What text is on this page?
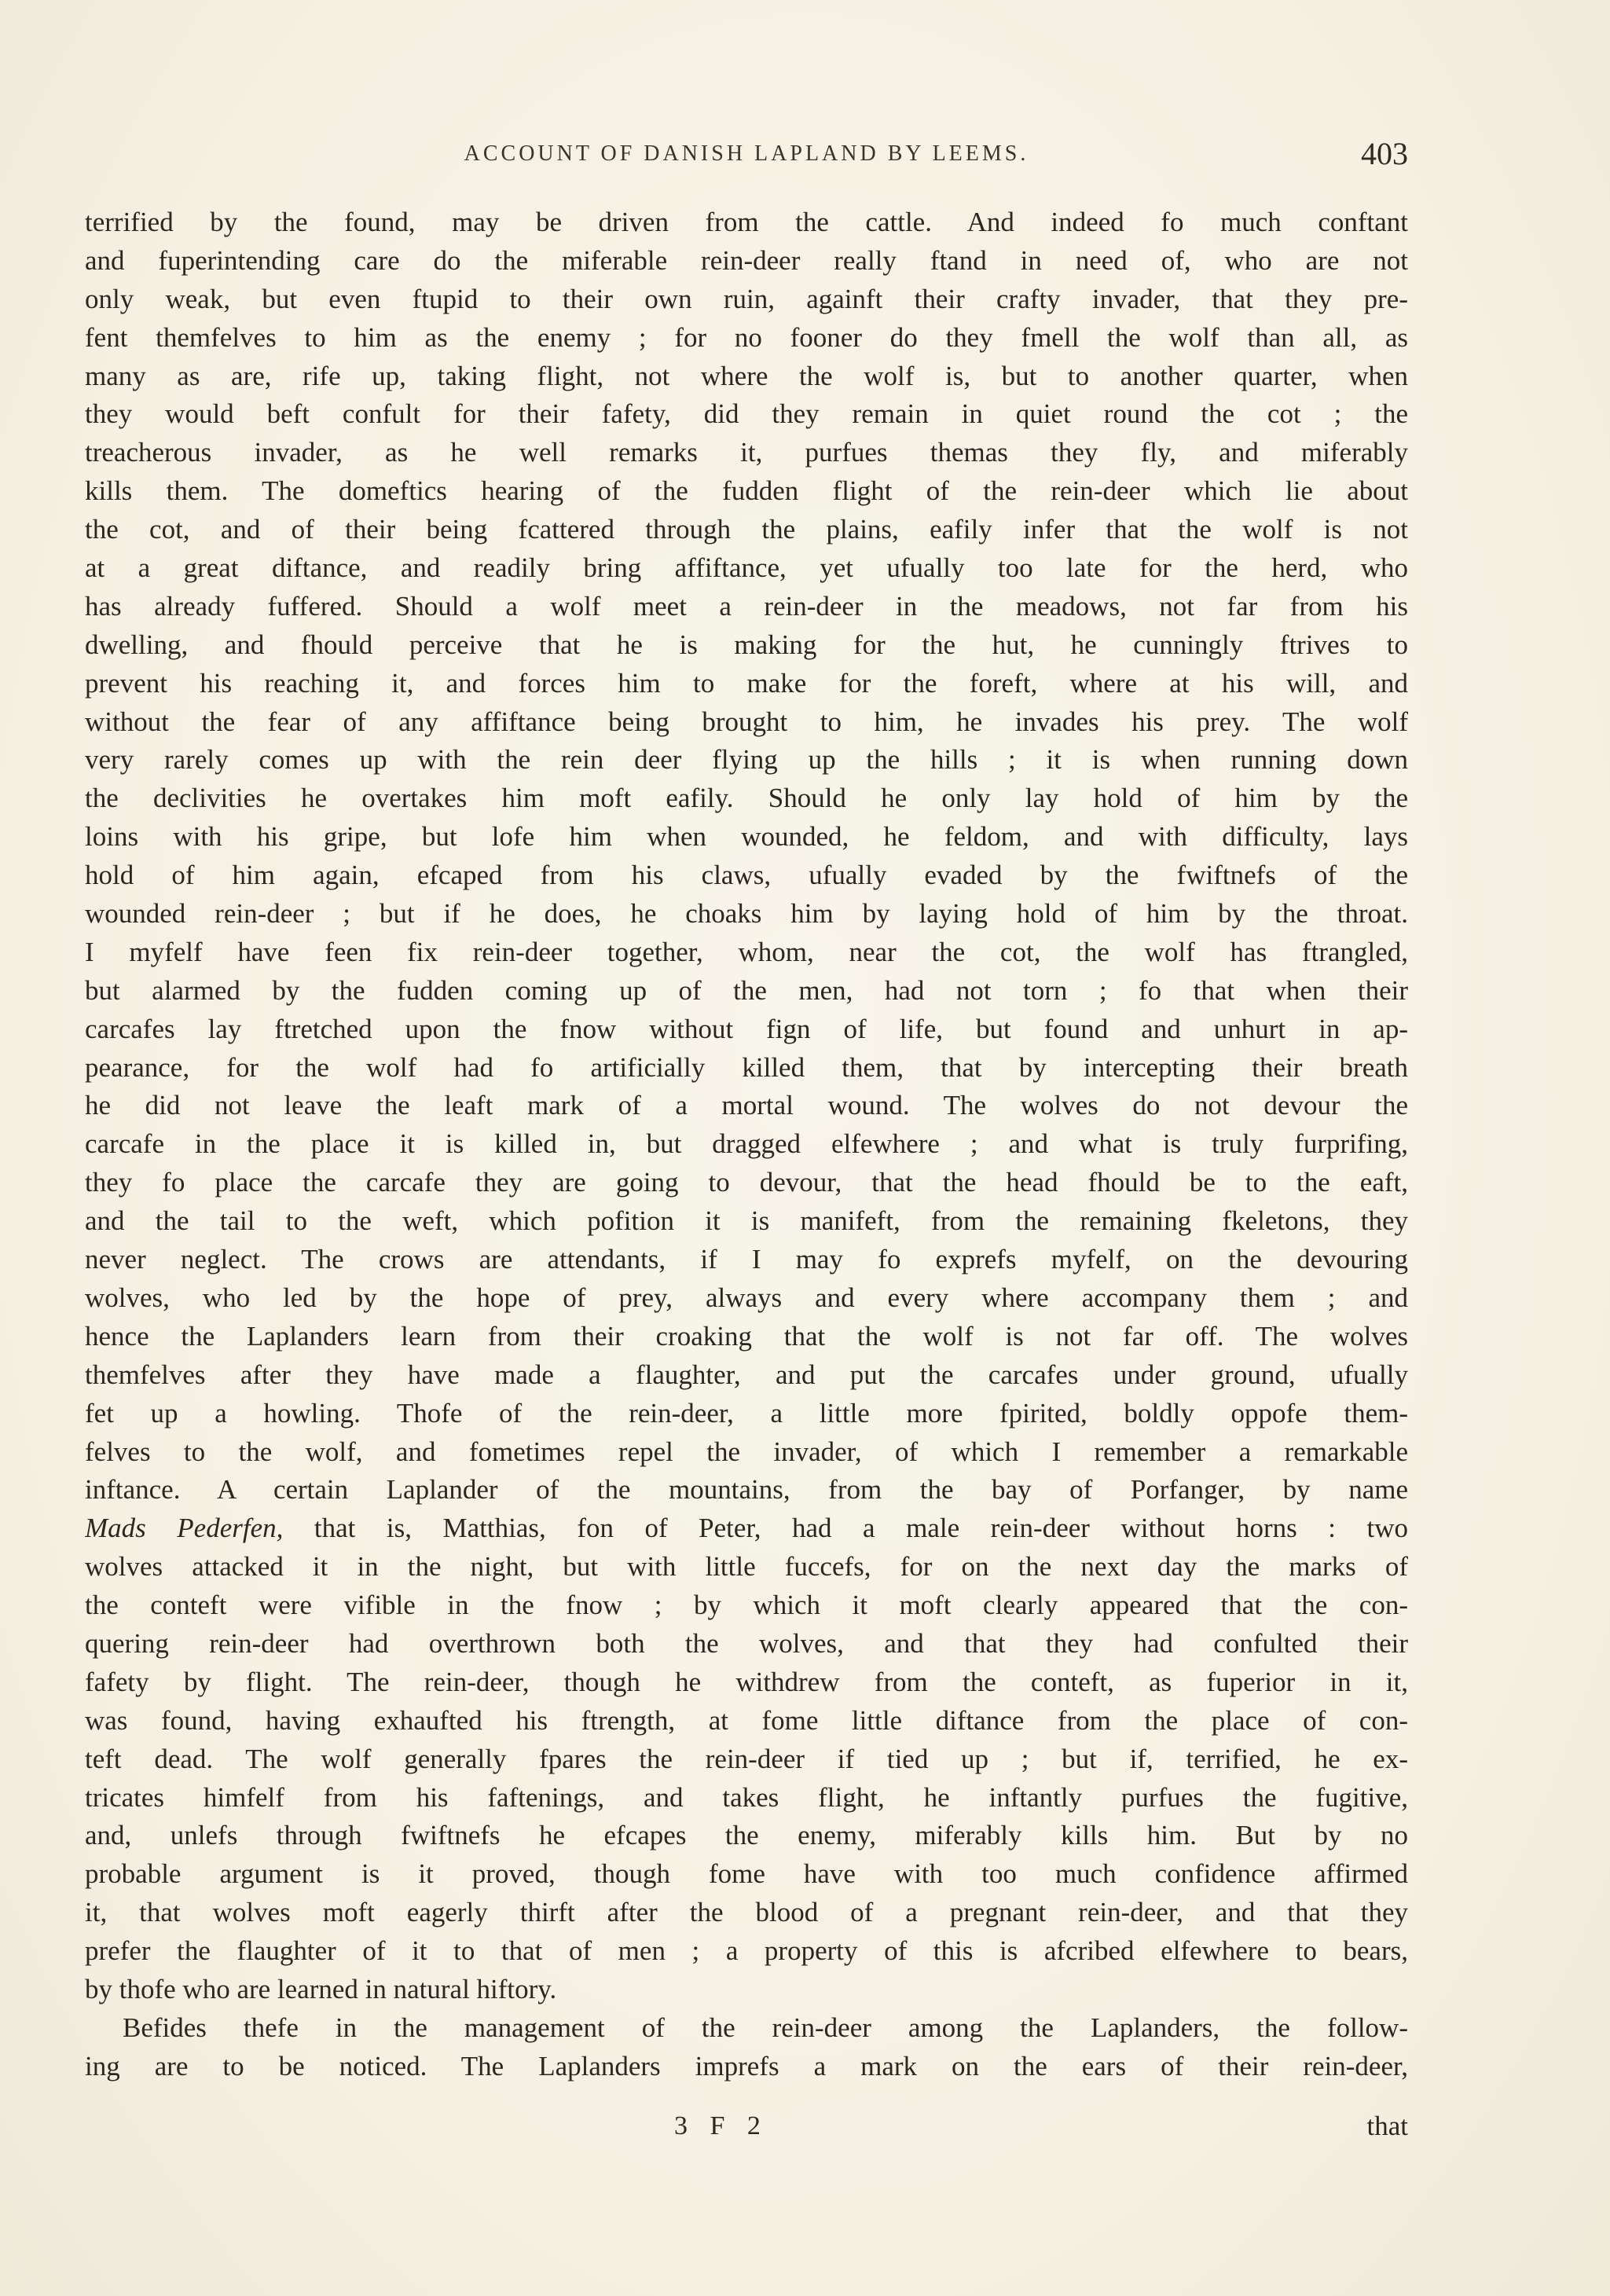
ACCOUNT OF DANISH LAPLAND BY LEEMS.	403
terrified by the found, may be driven from the cattle. And indeed fo much conftant
and fuperintending care do the miferable rein-deer really ftand in need of, who are not
only weak, but even ftupid to their own ruin, againft their crafty invader, that they pre-
fent themfelves to him as the enemy ; for no fooner do they fmell the wolf than all, as
many as are, rife up, taking flight, not where the wolf is, but to another quarter, when
they would beft confult for their fafety, did they remain in quiet round the cot ; the
treacherous invader, as he well remarks it, purfues themas they fly, and miferably
kills them. The domeftics hearing of the fudden flight of the rein-deer which lie about
the cot, and of their being fcattered through the plains, eafily infer that the wolf is not
at a great diftance, and readily bring affiftance, yet ufually too late for the herd, who
has already fuffered. Should a wolf meet a rein-deer in the meadows, not far from his
dwelling, and fhould perceive that he is making for the hut, he cunningly ftrives to
prevent his reaching it, and forces him to make for the foreft, where at his will, and
without the fear of any affiftance being brought to him, he invades his prey. The wolf
very rarely comes up with the rein deer flying up the hills ; it is when running down
the declivities he overtakes him moft eafily. Should he only lay hold of him by the
loins with his gripe, but lofe him when wounded, he feldom, and with difficulty, lays
hold of him again, efcaped from his claws, ufually evaded by the fwiftnefs of the
wounded rein-deer ; but if he does, he choaks him by laying hold of him by the throat.
I myfelf have feen fix rein-deer together, whom, near the cot, the wolf has ftrangled,
but alarmed by the fudden coming up of the men, had not torn ; fo that when their
carcafes lay ftretched upon the fnow without fign of life, but found and unhurt in ap-
pearance, for the wolf had fo artificially killed them, that by intercepting their breath
he did not leave the leaft mark of a mortal wound. The wolves do not devour the
carcafe in the place it is killed in, but dragged elfewhere ; and what is truly furprifing,
they fo place the carcafe they are going to devour, that the head fhould be to the eaft,
and the tail to the weft, which pofition it is manifeft, from the remaining fkeletons, they
never neglect. The crows are attendants, if I may fo exprefs myfelf, on the devouring
wolves, who led by the hope of prey, always and every where accompany them ; and
hence the Laplanders learn from their croaking that the wolf is not far off. The wolves
themfelves after they have made a flaughter, and put the carcafes under ground, ufually
fet up a howling. Thofe of the rein-deer, a little more fpirited, boldly oppofe them-
felves to the wolf, and fometimes repel the invader, of which I remember a remarkable
inftance. A certain Laplander of the mountains, from the bay of Porfanger, by name
Mads Pederfen, that is, Matthias, fon of Peter, had a male rein-deer without horns : two
wolves attacked it in the night, but with little fuccefs, for on the next day the marks of
the conteft were vifible in the fnow ; by which it moft clearly appeared that the con-
quering rein-deer had overthrown both the wolves, and that they had confulted their
fafety by flight. The rein-deer, though he withdrew from the conteft, as fuperior in it,
was found, having exhaufted his ftrength, at fome little diftance from the place of con-
teft dead. The wolf generally fpares the rein-deer if tied up ; but if, terrified, he ex-
tricates himfelf from his faftenings, and takes flight, he inftantly purfues the fugitive,
and, unlefs through fwiftnefs he efcapes the enemy, miferably kills him. But by no
probable argument is it proved, though fome have with too much confidence affirmed
it, that wolves moft eagerly thirft after the blood of a pregnant rein-deer, and that they
prefer the flaughter of it to that of men ; a property of this is afcribed elfewhere to bears,
by thofe who are learned in natural hiftory.
Befides thefe in the management of the rein-deer among the Laplanders, the follow-
ing are to be noticed. The Laplanders imprefs a mark on the ears of their rein-deer,
3 F 2	that
